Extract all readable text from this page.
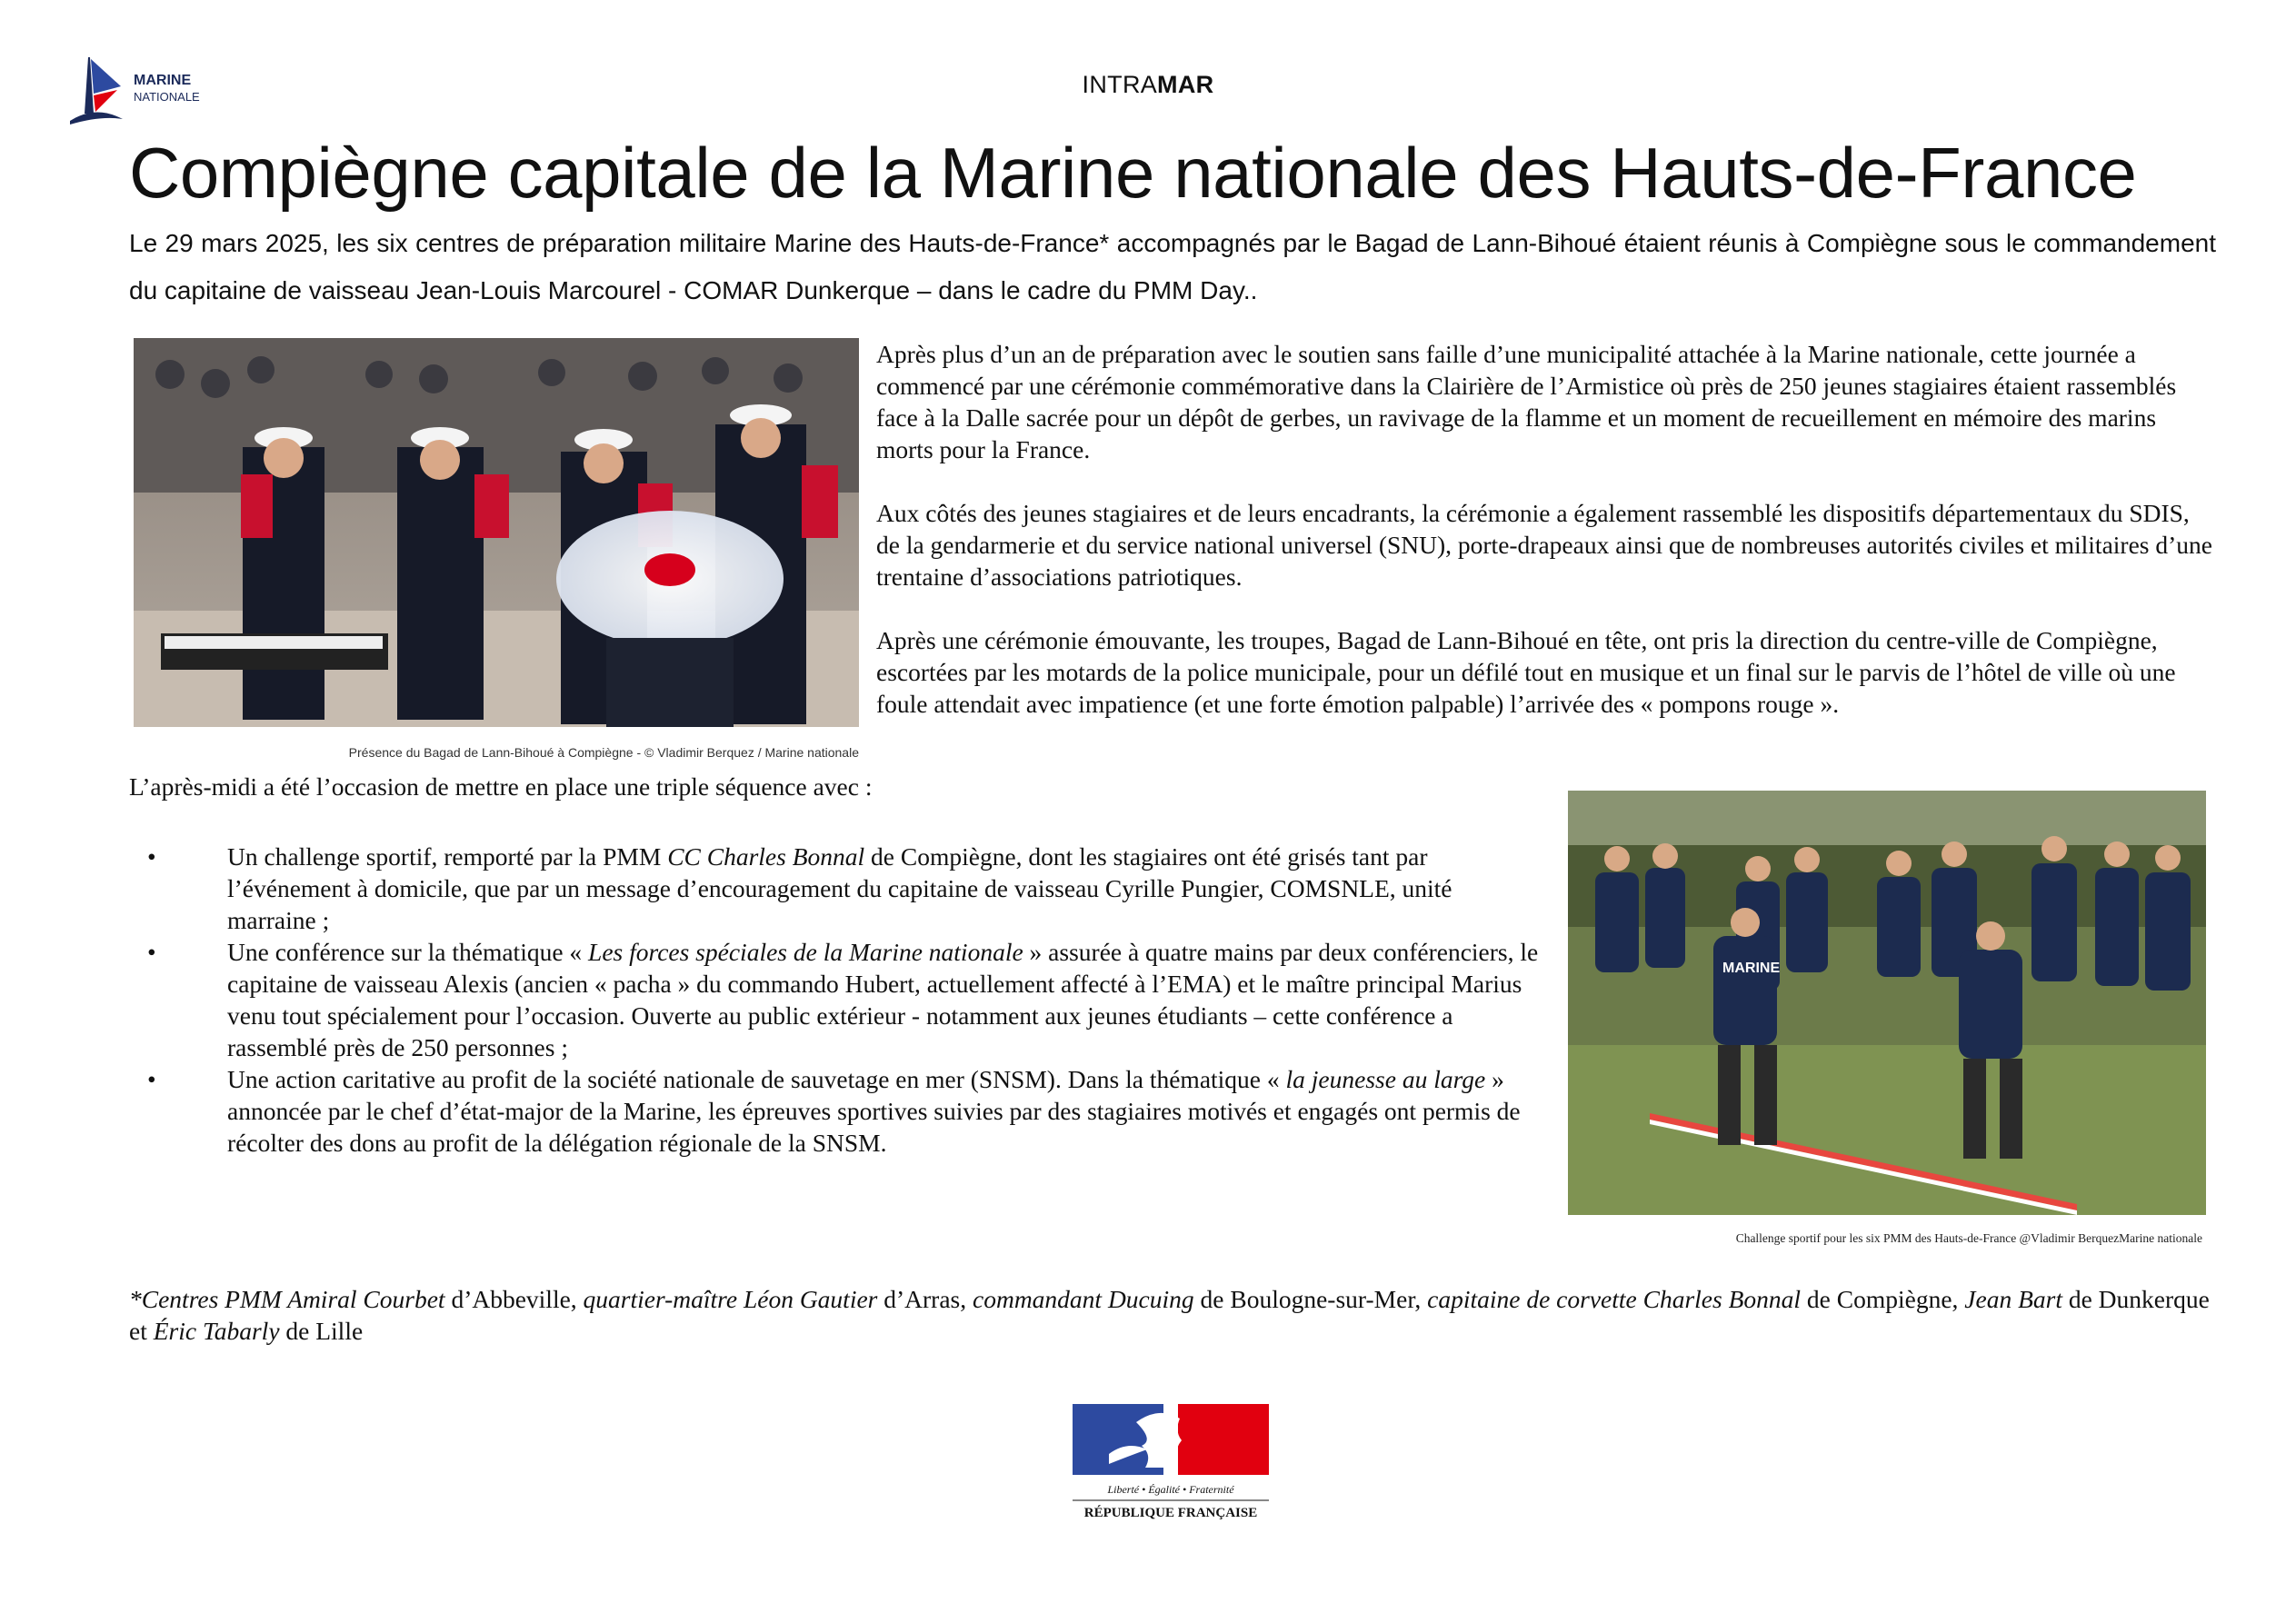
MARINE
NATIONALE	INTRAMAR
Compiègne capitale de la Marine nationale des Hauts-de-France
Le 29 mars 2025, les six centres de préparation militaire Marine des Hauts-de-France* accompagnés par le Bagad de Lann-Bihoué étaient réunis à Compiègne sous le commandement du capitaine de vaisseau Jean-Louis Marcourel - COMAR Dunkerque – dans le cadre du PMM Day..
Présence du Bagad de Lann-Bihoué à Compiègne - © Vladimir Berquez / Marine nationale

Après plus d’un an de préparation avec le soutien sans faille d’une municipalité attachée à la Marine nationale, cette journée a commencé par une cérémonie commémorative dans la Clairière de l’Armistice où près de 250 jeunes stagiaires étaient rassemblés face à la Dalle sacrée pour un dépôt de gerbes, un ravivage de la flamme et un moment de recueillement en mémoire des marins morts pour la France.

Aux côtés des jeunes stagiaires et de leurs encadrants, la cérémonie a également rassemblé les dispositifs départementaux du SDIS, de la gendarmerie et du service national universel (SNU), porte-drapeaux ainsi que de nombreuses autorités civiles et militaires d’une trentaine d’associations patriotiques.

Après une cérémonie émouvante, les troupes, Bagad de Lann-Bihoué en tête, ont pris la direction du centre-ville de Compiègne, escortées par les motards de la police municipale, pour un défilé tout en musique et un final sur le parvis de l’hôtel de ville où une foule attendait avec impatience (et une forte émotion palpable) l’arrivée des « pompons rouge ».

L’après-midi a été l’occasion de mettre en place une triple séquence avec :
•	Un challenge sportif, remporté par la PMM CC Charles Bonnal de Compiègne, dont les stagiaires ont été grisés tant par l’événement à domicile, que par un message d’encouragement du capitaine de vaisseau Cyrille Pungier, COMSNLE, unité marraine ;
•	Une conférence sur la thématique « Les forces spéciales de la Marine nationale » assurée à quatre mains par deux conférenciers, le capitaine de vaisseau Alexis (ancien « pacha » du commando Hubert, actuellement affecté à l’EMA) et le maître principal Marius venu tout spécialement pour l’occasion. Ouverte au public extérieur - notamment aux jeunes étudiants – cette conférence a rassemblé près de 250 personnes ;
•	Une action caritative au profit de la société nationale de sauvetage en mer (SNSM). Dans la thématique « la jeunesse au large » annoncée par le chef d’état-major de la Marine, les épreuves sportives suivies par des stagiaires motivés et engagés ont permis de récolter des dons au profit de la délégation régionale de la SNSM.
MARINE
Challenge sportif pour les six PMM des Hauts-de-France @Vladimir BerquezMarine nationale
*Centres PMM Amiral Courbet d’Abbeville, quartier-maître Léon Gautier d’Arras, commandant Ducuing de Boulogne-sur-Mer, capitaine de corvette Charles Bonnal de Compiègne, Jean Bart de Dunkerque et Éric Tabarly de Lille
Liberté • Égalité • Fraternité
RÉPUBLIQUE FRANÇAISE
